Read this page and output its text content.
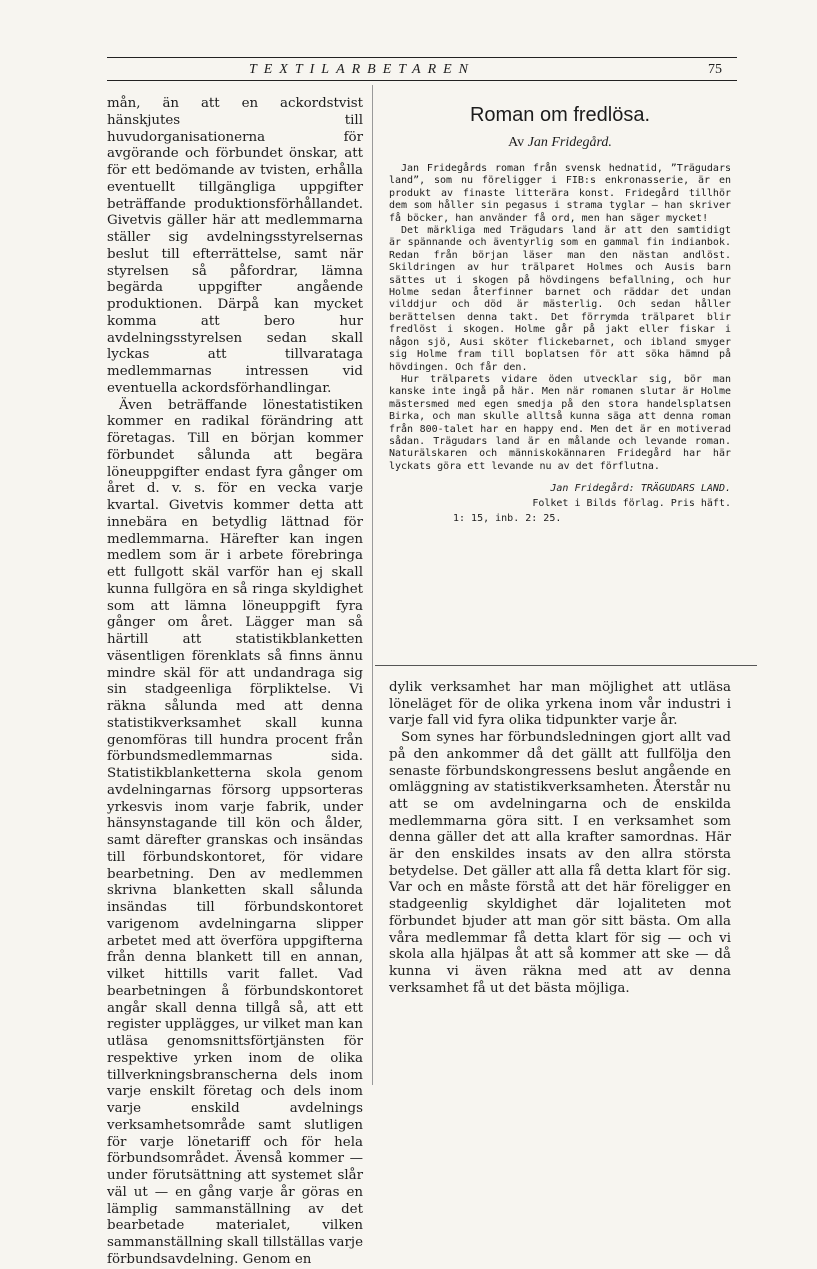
TEXTILARBETAREN	75

mån, än att en ackordstvist hänskjutes till huvudorganisationerna för avgörande och förbundet önskar, att för ett bedömande av tvisten, erhålla eventuellt tillgängliga uppgifter beträffande produktionsförhållandet. Givetvis gäller här att medlemmarna ställer sig avdelningsstyrelsernas beslut till efterrättelse, samt när styrelsen så påfordrar, lämna begärda uppgifter angående produktionen. Därpå kan mycket komma att bero hur avdelningsstyrelsen sedan skall lyckas att tillvarataga medlemmarnas intressen vid eventuella ackordsförhandlingar.

Även beträffande lönestatistiken kommer en radikal förändring att företagas. Till en början kommer förbundet sålunda att begära löneuppgifter endast fyra gånger om året d. v. s. för en vecka varje kvartal. Givetvis kommer detta att innebära en betydlig lättnad för medlemmarna. Härefter kan ingen medlem som är i arbete förebringa ett fullgott skäl varför han ej skall kunna fullgöra en så ringa skyldighet som att lämna löneuppgift fyra gånger om året. Lägger man så härtill att statistikblanketten väsentligen förenklats så finns ännu mindre skäl för att undandraga sig sin stadgeenliga förpliktelse. Vi räkna sålunda med att denna statistikverksamhet skall kunna genomföras till hundra procent från förbundsmedlemmarnas sida. Statistikblanketterna skola genom avdelningarnas försorg uppsorteras yrkesvis inom varje fabrik, under hänsynstagande till kön och ålder, samt därefter granskas och insändas till förbundskontoret, för vidare bearbetning. Den av medlemmen skrivna blanketten skall sålunda insändas till förbundskontoret varigenom avdelningarna slipper arbetet med att överföra uppgifterna från denna blankett till en annan, vilket hittills varit fallet. Vad bearbetningen å förbundskontoret angår skall denna tillgå så, att ett register upplägges, ur vilket man kan utläsa genomsnittsförtjänsten för respektive yrken inom de olika tillverkningsbranscherna dels inom varje enskilt företag och dels inom varje enskild avdelnings verksamhetsområde samt slutligen för varje lönetariff och för hela förbundsområdet. Ävenså kommer — under förutsättning att systemet slår väl ut — en gång varje år göras en lämplig sammanställning av det bearbetade materialet, vilken sammanställning skall tillställas varje förbundsavdelning. Genom en

Roman om fredlösa.
Av Jan Fridegård.

Jan Fridegårds roman från svensk hednatid, ”Trägudars land”, som nu föreligger i FIB:s enkronasserie, är en produkt av finaste litterära konst. Fridegård tillhör dem som håller sin pegasus i strama tyglar — han skriver få böcker, han använder få ord, men han säger mycket!

Det märkliga med Trägudars land är att den samtidigt är spännande och äventyrlig som en gammal fin indianbok. Redan från början läser man den nästan andlöst. Skildringen av hur trälparet Holmes och Ausis barn sättes ut i skogen på hövdingens befallning, och hur Holme sedan återfinner barnet och räddar det undan vilddjur och död är mästerlig. Och sedan håller berättelsen denna takt. Det förrymda trälparet blir fredlöst i skogen. Holme går på jakt eller fiskar i någon sjö, Ausi sköter flickebarnet, och ibland smyger sig Holme fram till boplatsen för att söka hämnd på hövdingen. Och får den.

Hur trälparets vidare öden utvecklar sig, bör man kanske inte ingå på här. Men när romanen slutar är Holme mästersmed med egen smedja på den stora handelsplatsen Birka, och man skulle alltså kunna säga att denna roman från 800-talet har en happy end. Men det är en motiverad sådan. Trägudars land är en målande och levande roman. Naturälskaren och människokännaren Fridegård har här lyckats göra ett levande nu av det förflutna.

Jan Fridegård: TRÄGUDARS LAND.
Folket i Bilds förlag. Pris häft.
1: 15, inb. 2: 25.

dylik verksamhet har man möjlighet att utläsa löneläget för de olika yrkena inom vår industri i varje fall vid fyra olika tidpunkter varje år.

Som synes har förbundsledningen gjort allt vad på den ankommer då det gällt att fullfölja den senaste förbundskongressens beslut angående en omläggning av statistikverksamheten. Återstår nu att se om avdelningarna och de enskilda medlemmarna göra sitt. I en verksamhet som denna gäller det att alla krafter samordnas. Här är den enskildes insats av den allra största betydelse. Det gäller att alla få detta klart för sig. Var och en måste förstå att det här föreligger en stadgeenlig skyldighet där lojaliteten mot förbundet bjuder att man gör sitt bästa. Om alla våra medlemmar få detta klart för sig — och vi skola alla hjälpas åt att så kommer att ske — då kunna vi även räkna med att av denna verksamhet få ut det bästa möjliga.
